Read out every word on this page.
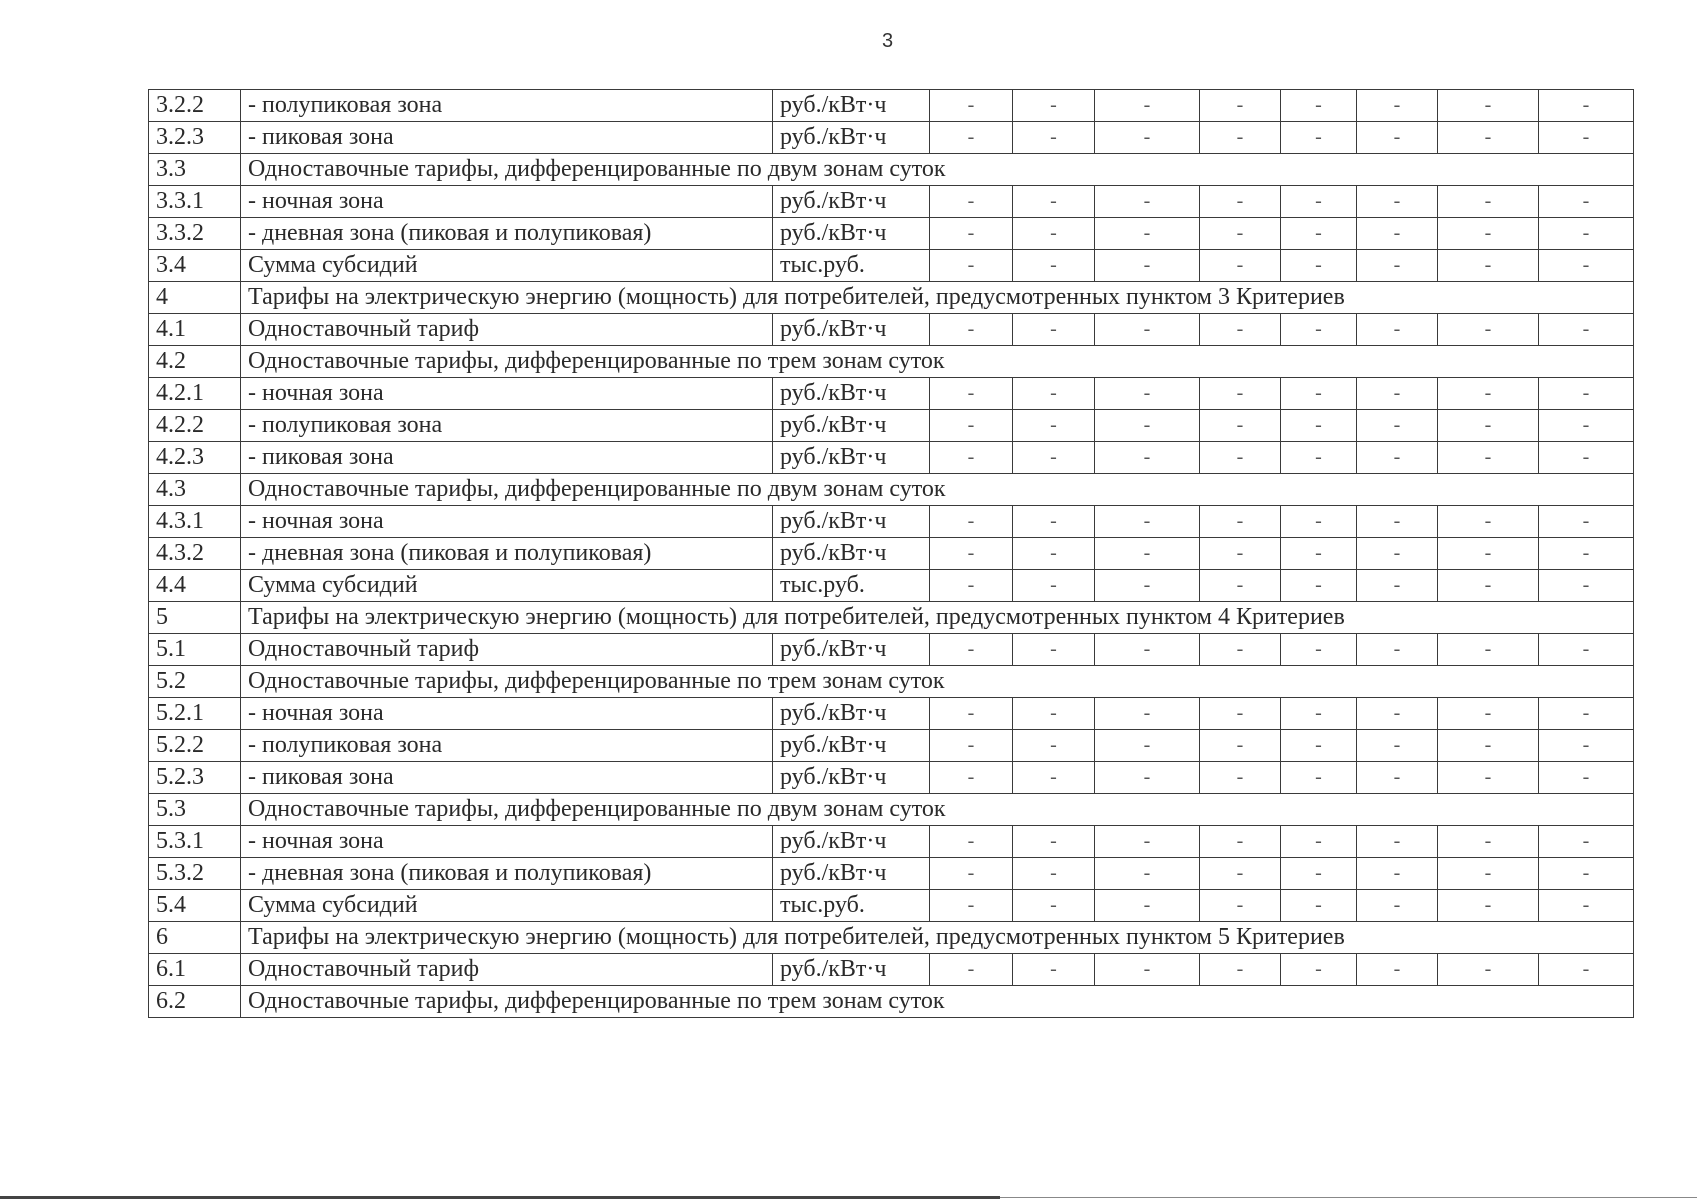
3
3.2.2	- полупиковая зона	руб./кВт·ч	-	-	-	-	-	-	-	-
3.2.3	- пиковая зона	руб./кВт·ч	-	-	-	-	-	-	-	-
3.3	Одноставочные тарифы, дифференцированные по двум зонам суток									
3.3.1	- ночная зона	руб./кВт·ч	-	-	-	-	-	-	-	-
3.3.2	- дневная зона (пиковая и полупиковая)	руб./кВт·ч	-	-	-	-	-	-	-	-
3.4	Сумма субсидий	тыс.руб.	-	-	-	-	-	-	-	-
4	Тарифы на электрическую энергию (мощность) для потребителей, предусмотренных пунктом 3 Критериев									
4.1	Одноставочный тариф	руб./кВт·ч	-	-	-	-	-	-	-	-
4.2	Одноставочные тарифы, дифференцированные по трем зонам суток									
4.2.1	- ночная зона	руб./кВт·ч	-	-	-	-	-	-	-	-
4.2.2	- полупиковая зона	руб./кВт·ч	-	-	-	-	-	-	-	-
4.2.3	- пиковая зона	руб./кВт·ч	-	-	-	-	-	-	-	-
4.3	Одноставочные тарифы, дифференцированные по двум зонам суток									
4.3.1	- ночная зона	руб./кВт·ч	-	-	-	-	-	-	-	-
4.3.2	- дневная зона (пиковая и полупиковая)	руб./кВт·ч	-	-	-	-	-	-	-	-
4.4	Сумма субсидий	тыс.руб.	-	-	-	-	-	-	-	-
5	Тарифы на электрическую энергию (мощность) для потребителей, предусмотренных пунктом 4 Критериев									
5.1	Одноставочный тариф	руб./кВт·ч	-	-	-	-	-	-	-	-
5.2	Одноставочные тарифы, дифференцированные по трем зонам суток									
5.2.1	- ночная зона	руб./кВт·ч	-	-	-	-	-	-	-	-
5.2.2	- полупиковая зона	руб./кВт·ч	-	-	-	-	-	-	-	-
5.2.3	- пиковая зона	руб./кВт·ч	-	-	-	-	-	-	-	-
5.3	Одноставочные тарифы, дифференцированные по двум зонам суток									
5.3.1	- ночная зона	руб./кВт·ч	-	-	-	-	-	-	-	-
5.3.2	- дневная зона (пиковая и полупиковая)	руб./кВт·ч	-	-	-	-	-	-	-	-
5.4	Сумма субсидий	тыс.руб.	-	-	-	-	-	-	-	-
6	Тарифы на электрическую энергию (мощность) для потребителей, предусмотренных пунктом 5 Критериев									
6.1	Одноставочный тариф	руб./кВт·ч	-	-	-	-	-	-	-	-
6.2	Одноставочные тарифы, дифференцированные по трем зонам суток									
